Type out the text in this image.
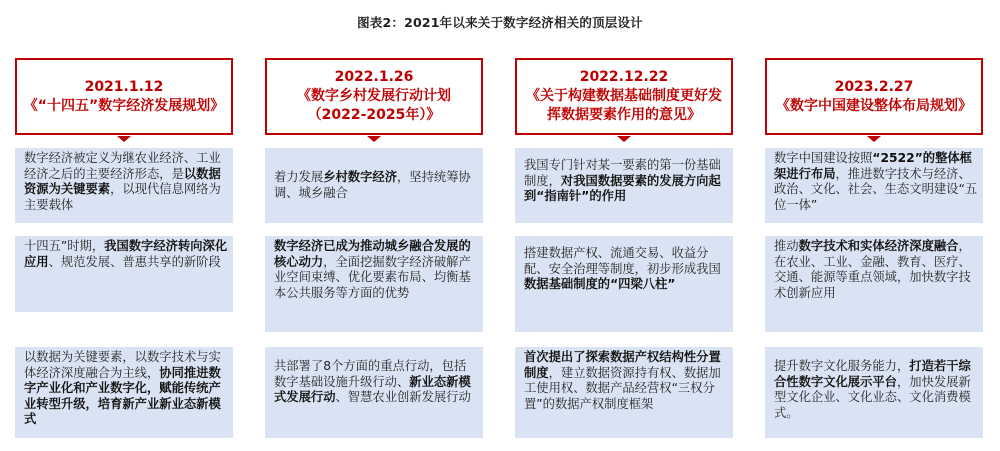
图表2：2021年以来关于数字经济相关的顶层设计
2021.1.12
《“十四五”数字经济发展规划》
数字经济被定义为继农业经济、工业经济之后的主要经济形态，是以数据资源为关键要素，以现代信息网络为主要载体
十四五”时期，我国数字经济转向深化应用、规范发展、普惠共享的新阶段
以数据为关键要素，以数字技术与实体经济深度融合为主线，协同推进数字产业化和产业数字化，赋能传统产业转型升级，培育新产业新业态新模式
2022.1.26
《数字乡村发展行动计划（2022-2025年）》
着力发展乡村数字经济，坚持统筹协调、城乡融合
数字经济已成为推动城乡融合发展的核心动力，全面挖掘数字经济破解产业空间束缚、优化要素布局、均衡基本公共服务等方面的优势
共部署了8个方面的重点行动，包括数字基础设施升级行动、新业态新模式发展行动、智慧农业创新发展行动
2022.12.22
《关于构建数据基础制度更好发挥数据要素作用的意见》
我国专门针对某一要素的第一份基础制度，对我国数据要素的发展方向起到“指南针”的作用
搭建数据产权、流通交易、收益分配、安全治理等制度，初步形成我国数据基础制度的“四梁八柱”
首次提出了探索数据产权结构性分置制度，建立数据资源持有权、数据加工使用权、数据产品经营权“三权分置”的数据产权制度框架
2023.2.27
《数字中国建设整体布局规划》
数字中国建设按照“2522”的整体框架进行布局，推进数字技术与经济、政治、文化、社会、生态文明建设“五位一体”
推动数字技术和实体经济深度融合，在农业、工业、金融、教育、医疗、交通、能源等重点领域，加快数字技术创新应用
提升数字文化服务能力，打造若干综合性数字文化展示平台，加快发展新型文化企业、文化业态、文化消费模式。
